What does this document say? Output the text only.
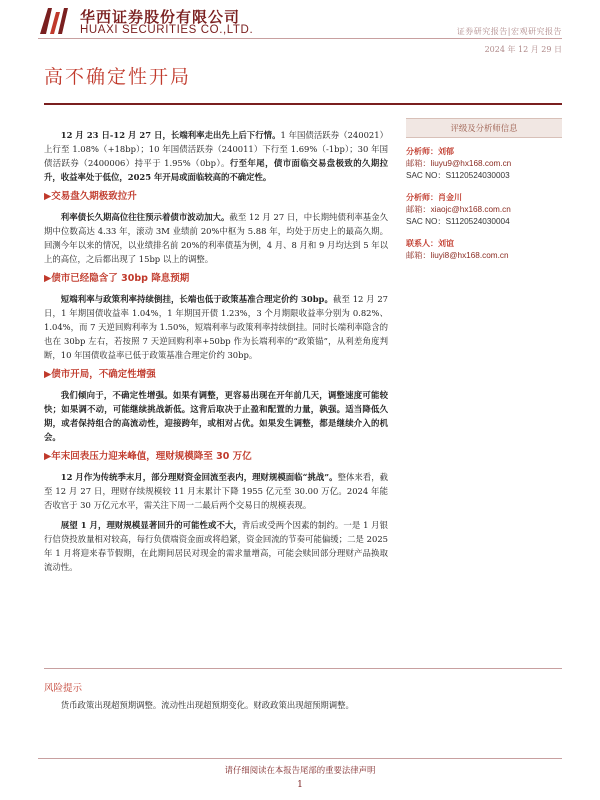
华西证券股份有限公司
HUAXI SECURITIES CO.,LTD.	证券研究报告|宏观研究报告
2024 年 12 月 29 日
高不确定性开局

12 月 23 日-12 月 27 日，长端利率走出先上后下行情。1 年国债活跃券（240021）上行至 1.08%（+18bp）；10 年国债活跃券（240011）下行至 1.69%（-1bp）；30 年国债活跃券（2400006）持平于 1.95%（0bp）。行至年尾，债市面临交易盘极致的久期拉升，收益率处于低位，2025 年开局或面临较高的不确定性。

▶交易盘久期极致拉升

利率债长久期高位往往预示着债市波动加大。截至 12 月 27 日，中长期纯债利率基金久期中位数高达 4.33 年，滚动 3M 业绩前 20%中枢为 5.88 年，均处于历史上的最高久期。回测今年以来的情况，以业绩排名前 20%的利率债基为例，4 月、8 月和 9 月均达到 5 年以上的高位，之后都出现了 15bp 以上的调整。

▶债市已经隐含了 30bp 降息预期

短端利率与政策利率持续倒挂，长端也低于政策基准合理定价约 30bp。截至 12 月 27 日，1 年期国债收益率 1.04%，1 年期国开债 1.23%，3 个月期限收益率分别为 0.82%、1.04%，而 7 天逆回购利率为 1.50%，短端利率与政策利率持续倒挂。同时长端利率隐含的也在 30bp 左右，若按照 7 天逆回购利率+50bp 作为长端利率的“政策锚”，从利差角度判断，10 年国债收益率已低于政策基准合理定价约 30bp。

▶债市开局，不确定性增强

我们倾向于，不确定性增强。如果有调整，更容易出现在开年前几天，调整速度可能较快；如果调不动，可能继续挑战新低。这背后取决于止盈和配置的力量，孰强。适当降低久期，或者保持组合的高流动性，迎接跨年，或相对占优。如果发生调整，都是继续介入的机会。

▶年末回表压力迎来峰值，理财规模降至 30 万亿

12 月作为传统季末月，部分理财资金回流至表内，理财规模面临“挑战”。整体来看，截至 12 月 27 日，理财存续规模较 11 月末累计下降 1955 亿元至 30.00 万亿。2024 年能否收官于 30 万亿元水平，需关注下周一二最后两个交易日的规模表现。

展望 1 月，理财规模显著回升的可能性或不大，背后或受两个因素的制约。一是 1 月银行信贷投放量相对较高，每行负债端资金面或将趋紧，资金回流的节奏可能偏缓；二是 2025 年 1 月将迎来春节假期，在此期间居民对现金的需求量增高，可能会赎回部分理财产品换取流动性。

评级及分析师信息
分析师：刘郁
邮箱：liuyu9@hx168.com.cn
SAC NO：S1120524030003
分析师：肖金川
邮箱：xiaojc@hx168.com.cn
SAC NO：S1120524030004
联系人：刘谊
邮箱：liuyi8@hx168.com.cn
风险提示
货币政策出现超预期调整。流动性出现超预期变化。财政政策出现超预期调整。
请仔细阅读在本报告尾部的重要法律声明
1
